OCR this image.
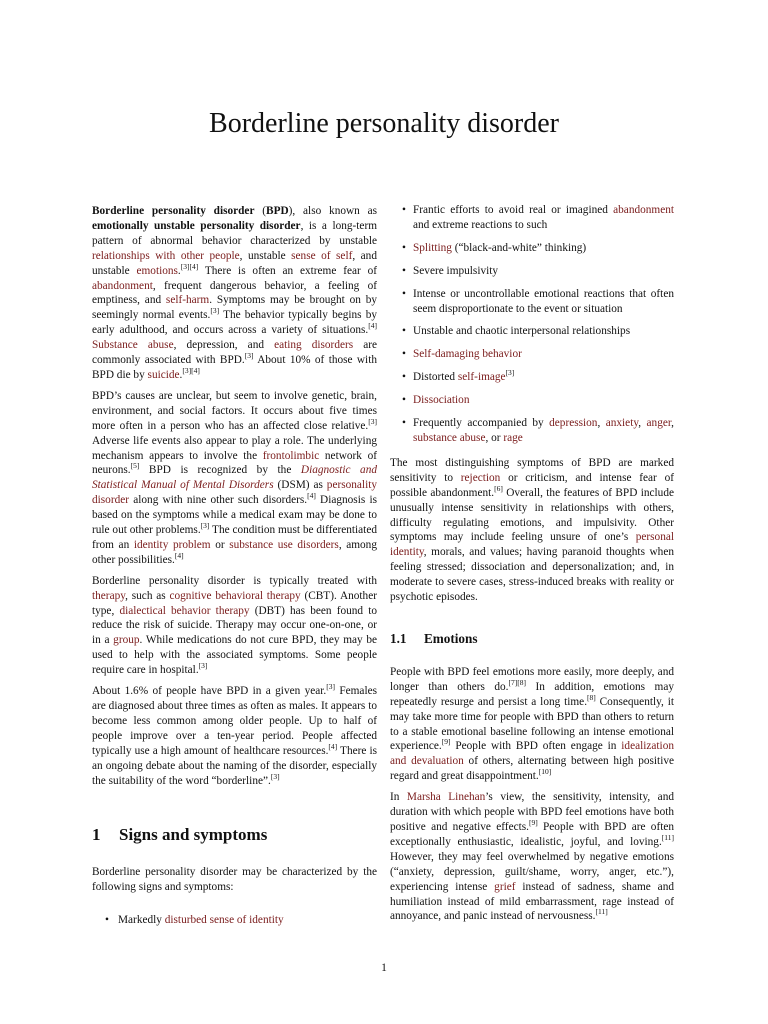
Borderline personality disorder

Borderline personality disorder (BPD), also known as emotionally unstable personality disorder, is a long-term pattern of abnormal behavior characterized by unstable relationships with other people, unstable sense of self, and unstable emotions.[3][4] There is often an extreme fear of abandonment, frequent dangerous behavior, a feeling of emptiness, and self-harm. Symptoms may be brought on by seemingly normal events.[3] The behavior typically begins by early adulthood, and occurs across a variety of situations.[4] Substance abuse, depression, and eating disorders are commonly associated with BPD.[3] About 10% of those with BPD die by suicide.[3][4]

BPD’s causes are unclear, but seem to involve genetic, brain, environment, and social factors. It occurs about five times more often in a person who has an affected close relative.[3] Adverse life events also appear to play a role. The underlying mechanism appears to involve the frontolimbic network of neurons.[5] BPD is recognized by the Diagnostic and Statistical Manual of Mental Disorders (DSM) as personality disorder along with nine other such disorders.[4] Diagnosis is based on the symptoms while a medical exam may be done to rule out other problems.[3] The condition must be differentiated from an identity problem or substance use disorders, among other possibilities.[4]

Borderline personality disorder is typically treated with therapy, such as cognitive behavioral therapy (CBT). Another type, dialectical behavior therapy (DBT) has been found to reduce the risk of suicide. Therapy may occur one-on-one, or in a group. While medications do not cure BPD, they may be used to help with the associated symptoms. Some people require care in hospital.[3]

About 1.6% of people have BPD in a given year.[3] Females are diagnosed about three times as often as males. It appears to become less common among older people. Up to half of people improve over a ten-year period. People affected typically use a high amount of healthcare resources.[4] There is an ongoing debate about the naming of the disorder, especially the suitability of the word “borderline”.[3]

1 Signs and symptoms

Borderline personality disorder may be characterized by the following signs and symptoms:

• Markedly disturbed sense of identity
• Frantic efforts to avoid real or imagined abandonment and extreme reactions to such
• Splitting (“black-and-white” thinking)
• Severe impulsivity
• Intense or uncontrollable emotional reactions that often seem disproportionate to the event or situation
• Unstable and chaotic interpersonal relationships
• Self-damaging behavior
• Distorted self-image[3]
• Dissociation
• Frequently accompanied by depression, anxiety, anger, substance abuse, or rage

The most distinguishing symptoms of BPD are marked sensitivity to rejection or criticism, and intense fear of possible abandonment.[6] Overall, the features of BPD include unusually intense sensitivity in relationships with others, difficulty regulating emotions, and impulsivity. Other symptoms may include feeling unsure of one’s personal identity, morals, and values; having paranoid thoughts when feeling stressed; dissociation and depersonalization; and, in moderate to severe cases, stress-induced breaks with reality or psychotic episodes.

1.1 Emotions

People with BPD feel emotions more easily, more deeply, and longer than others do.[7][8] In addition, emotions may repeatedly resurge and persist a long time.[8] Consequently, it may take more time for people with BPD than others to return to a stable emotional baseline following an intense emotional experience.[9] People with BPD often engage in idealization and devaluation of others, alternating between high positive regard and great disappointment.[10]

In Marsha Linehan’s view, the sensitivity, intensity, and duration with which people with BPD feel emotions have both positive and negative effects.[9] People with BPD are often exceptionally enthusiastic, idealistic, joyful, and loving.[11] However, they may feel overwhelmed by negative emotions (“anxiety, depression, guilt/shame, worry, anger, etc.”), experiencing intense grief instead of sadness, shame and humiliation instead of mild embarrassment, rage instead of annoyance, and panic instead of nervousness.[11]

1
